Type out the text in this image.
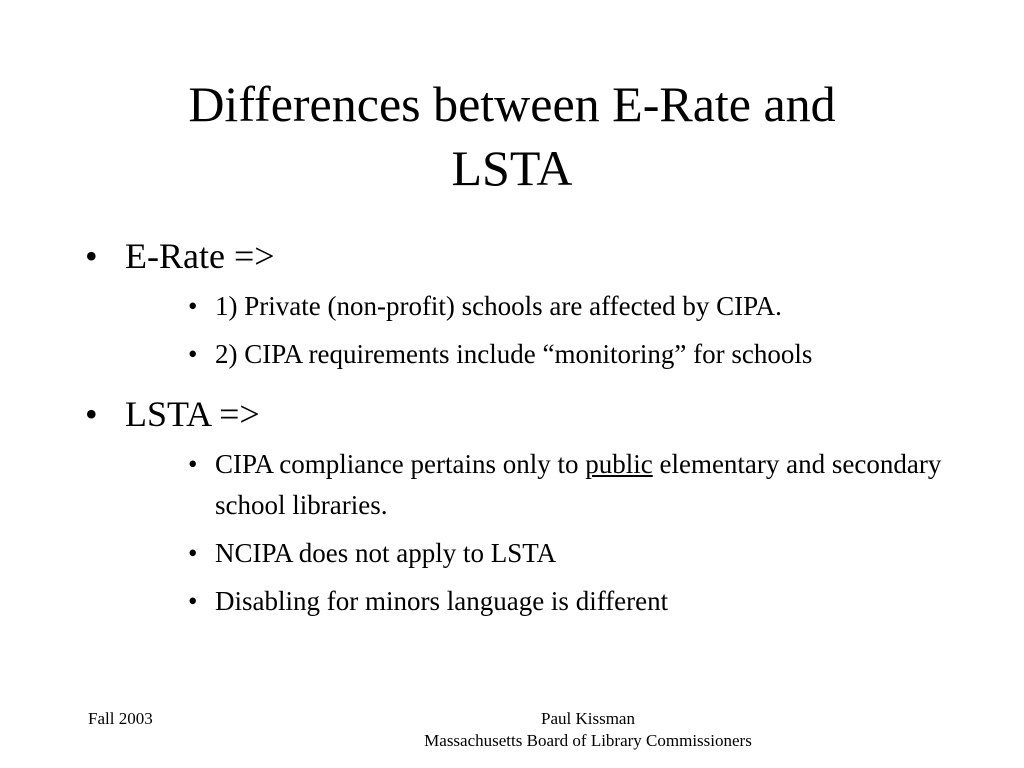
Differences between E-Rate and
LSTA
• E-Rate =>
• 1) Private (non-profit) schools are affected by CIPA.
• 2) CIPA requirements include “monitoring” for schools
• LSTA =>
• CIPA compliance pertains only to public elementary and secondary school libraries.
• NCIPA does not apply to LSTA
• Disabling for minors language is different
Fall 2003	Paul Kissman
Massachusetts Board of Library Commissioners
